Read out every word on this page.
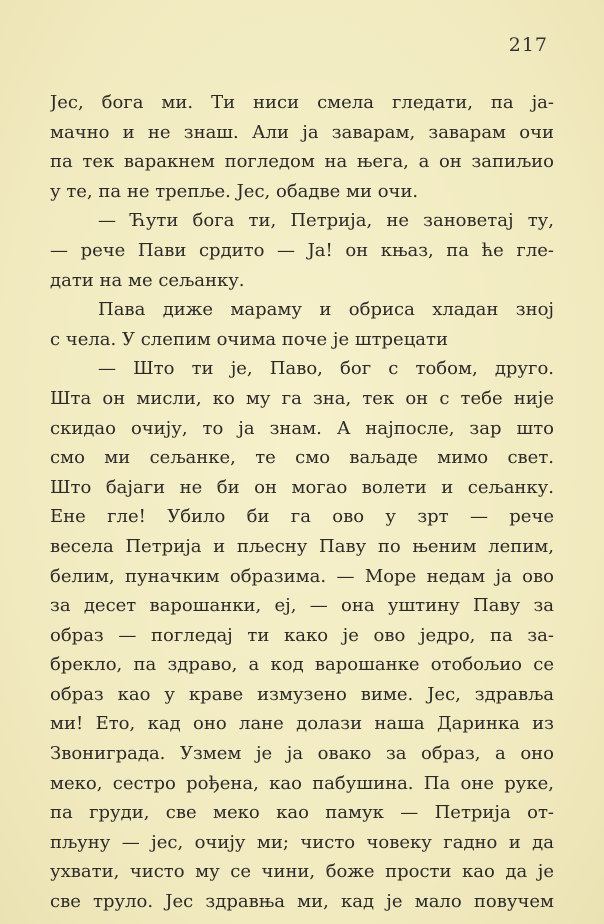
217
Јес, бога ми. Ти ниси смела гледати, па ја-
мачно и не знаш. Али ја заварам, заварам очи
па тек варакнем погледом на њега, а он запиљио
у те, па не трепље. Јес, обадве ми очи.
— Ћути бога ти, Петрија, не зановетај ту,
— рече Пави срдито — Ја! он књаз, па ће гле-
дати на ме сељанку.
Пава диже мараму и обриса хладан зној
с чела. У слепим очима поче је штрецати
— Што ти је, Паво, бог с тобом, друго.
Шта он мисли, ко му га зна, тек он с тебе није
скидао очију, то ја знам. А најпосле, зар што
смо ми сељанке, те смо ваљаде мимо свет.
Што бајаги не би он могао волети и сељанку.
Ене гле! Убило би га ово у зрт — рече
весела Петрија и пљесну Паву по њеним лепим,
белим, пуначким образима. — Море недам ја ово
за десет варошанки, еј, — она уштину Паву за
образ — погледај ти како је ово једро, па за-
брекло, па здраво, а код варошанке отобољио се
образ као у краве измузено виме. Јес, здравља
ми! Ето, кад оно лане долази наша Даринка из
Звониграда. Узмем је ја овако за образ, а оно
меко, сестро рођена, као пабушина. Па оне руке,
па груди, све меко као памук — Петрија от-
пљуну — јес, очију ми; чисто човеку гадно и да
ухвати, чисто му се чини, боже прости као да је
све труло. Јес здравња ми, кад је мало повучем
